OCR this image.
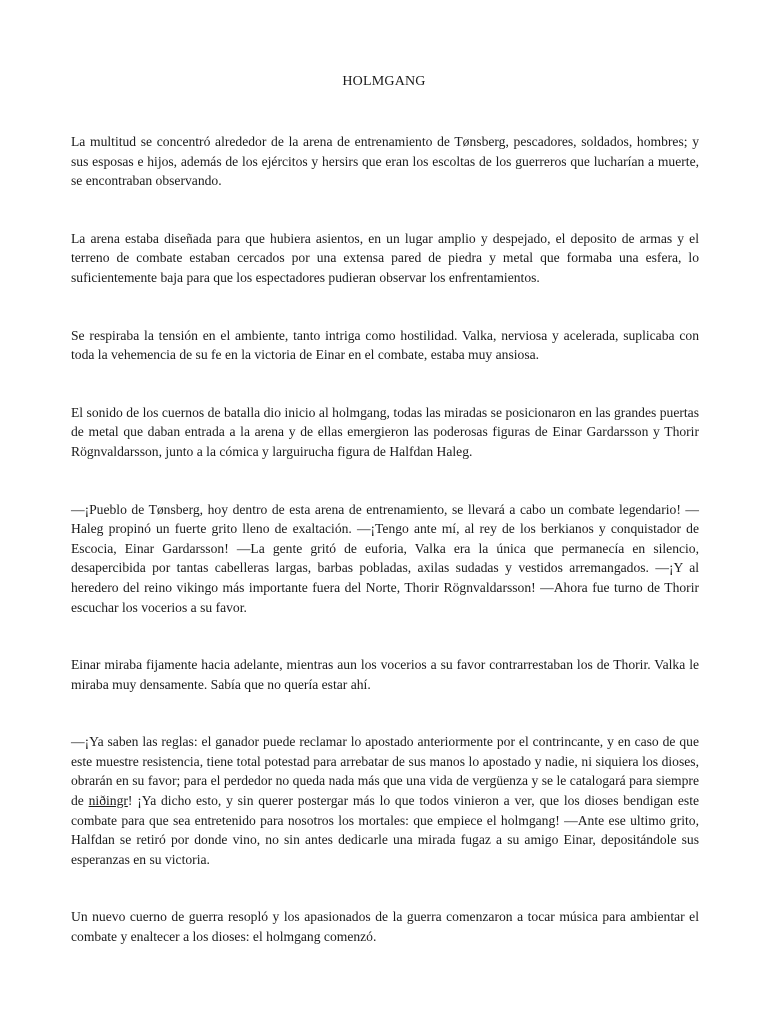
HOLMGANG

La multitud se concentró alrededor de la arena de entrenamiento de Tønsberg, pescadores, soldados, hombres; y sus esposas e hijos, además de los ejércitos y hersirs que eran los escoltas de los guerreros que lucharían a muerte, se encontraban observando.

La arena estaba diseñada para que hubiera asientos, en un lugar amplio y despejado, el deposito de armas y el terreno de combate estaban cercados por una extensa pared de piedra y metal que formaba una esfera, lo suficientemente baja para que los espectadores pudieran observar los enfrentamientos.

Se respiraba la tensión en el ambiente, tanto intriga como hostilidad. Valka, nerviosa y acelerada, suplicaba con toda la vehemencia de su fe en la victoria de Einar en el combate, estaba muy ansiosa.

El sonido de los cuernos de batalla dio inicio al holmgang, todas las miradas se posicionaron en las grandes puertas de metal que daban entrada a la arena y de ellas emergieron las poderosas figuras de Einar Gardarsson y Thorir Rögnvaldarsson, junto a la cómica y larguirucha figura de Halfdan Haleg.

—¡Pueblo de Tønsberg, hoy dentro de esta arena de entrenamiento, se llevará a cabo un combate legendario! —Haleg propinó un fuerte grito lleno de exaltación. —¡Tengo ante mí, al rey de los berkianos y conquistador de Escocia, Einar Gardarsson! —La gente gritó de euforia, Valka era la única que permanecía en silencio, desapercibida por tantas cabelleras largas, barbas pobladas, axilas sudadas y vestidos arremangados. —¡Y al heredero del reino vikingo más importante fuera del Norte, Thorir Rögnvaldarsson! —Ahora fue turno de Thorir escuchar los vocerios a su favor.

Einar miraba fijamente hacia adelante, mientras aun los vocerios a su favor contrarrestaban los de Thorir. Valka le miraba muy densamente. Sabía que no quería estar ahí.

—¡Ya saben las reglas: el ganador puede reclamar lo apostado anteriormente por el contrincante, y en caso de que este muestre resistencia, tiene total potestad para arrebatar de sus manos lo apostado y nadie, ni siquiera los dioses, obrarán en su favor; para el perdedor no queda nada más que una vida de vergüenza y se le catalogará para siempre de niðingr! ¡Ya dicho esto, y sin querer postergar más lo que todos vinieron a ver, que los dioses bendigan este combate para que sea entretenido para nosotros los mortales: que empiece el holmgang! —Ante ese ultimo grito, Halfdan se retiró por donde vino, no sin antes dedicarle una mirada fugaz a su amigo Einar, depositándole sus esperanzas en su victoria.

Un nuevo cuerno de guerra resopló y los apasionados de la guerra comenzaron a tocar música para ambientar el combate y enaltecer a los dioses: el holmgang comenzó.
